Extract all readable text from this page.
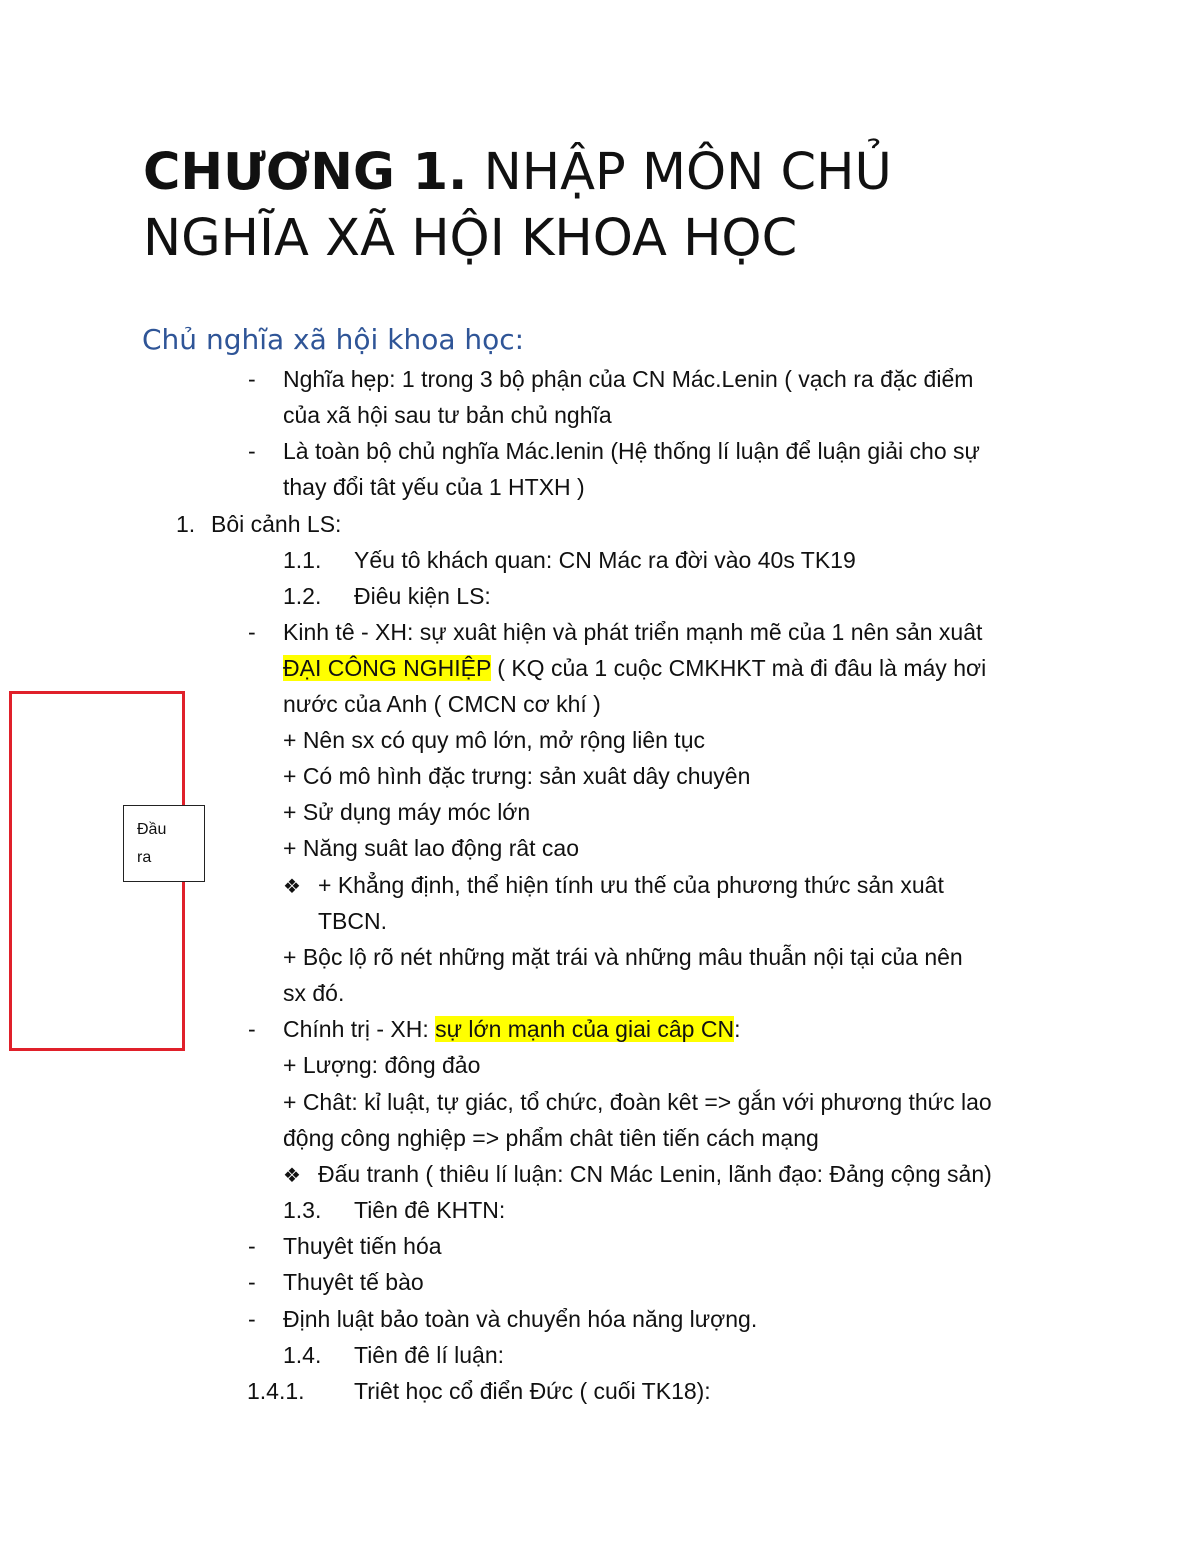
CHƯƠNG 1. NHẬP MÔN CHỦ
NGHĨA XÃ HỘI KHOA HỌC
Chủ nghĩa xã hội khoa học:
- Nghĩa hẹp: 1 trong 3 bộ phận của CN Mác.Lenin ( vạch ra đặc điểm
của xã hội sau tư bản chủ nghĩa
- Là toàn bộ chủ nghĩa Mác.lenin (Hệ thống lí luận để luận giải cho sự
thay đổi tât yếu của 1 HTXH )
1. Bôi cảnh LS:
1.1. Yếu tô khách quan: CN Mác ra đời vào 40s TK19
1.2. Điêu kiện LS:
- Kinh tê - XH: sự xuât hiện và phát triển mạnh mẽ của 1 nên sản xuât
ĐẠI CÔNG NGHIỆP ( KQ của 1 cuộc CMKHKT mà đi đâu là máy hơi
nước của Anh ( CMCN cơ khí )
+ Nên sx có quy mô lớn, mở rộng liên tục
+ Có mô hình đặc trưng: sản xuât dây chuyên
+ Sử dụng máy móc lớn
+ Năng suât lao động rât cao
❖ + Khẳng định, thể hiện tính ưu thế của phương thức sản xuât
TBCN.
+ Bộc lộ rõ nét những mặt trái và những mâu thuẫn nội tại của nên
sx đó.
- Chính trị - XH: sự lớn mạnh của giai câp CN:
+ Lượng: đông đảo
+ Chât: kỉ luật, tự giác, tổ chức, đoàn kêt => gắn với phương thức lao
động công nghiệp => phẩm chât tiên tiến cách mạng
❖ Đấu tranh ( thiêu lí luận: CN Mác Lenin, lãnh đạo: Đảng cộng sản)
1.3. Tiên đê KHTN:
- Thuyêt tiến hóa
- Thuyêt tế bào
- Định luật bảo toàn và chuyển hóa năng lượng.
1.4. Tiên đê lí luận:
1.4.1. Triêt học cổ điển Đức ( cuối TK18):
Đầu
ra
